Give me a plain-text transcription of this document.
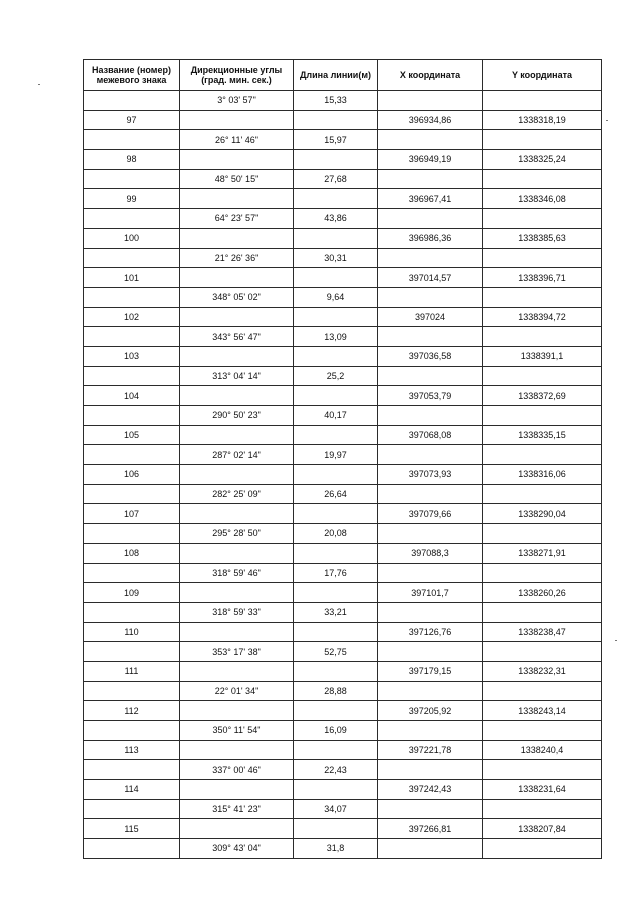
Название (номер) межевого знака	Дирекционные углы (град. мин. сек.)	Длина линии(м)	X координата	Y координата
	3° 03' 57"	15,33		
97			396934,86	1338318,19
	26° 11' 46"	15,97		
98			396949,19	1338325,24
	48° 50' 15"	27,68		
99			396967,41	1338346,08
	64° 23' 57"	43,86		
100			396986,36	1338385,63
	21° 26' 36"	30,31		
101			397014,57	1338396,71
	348° 05' 02"	9,64		
102			397024	1338394,72
	343° 56' 47"	13,09		
103			397036,58	1338391,1
	313° 04' 14"	25,2		
104			397053,79	1338372,69
	290° 50' 23"	40,17		
105			397068,08	1338335,15
	287° 02' 14"	19,97		
106			397073,93	1338316,06
	282° 25' 09"	26,64		
107			397079,66	1338290,04
	295° 28' 50"	20,08		
108			397088,3	1338271,91
	318° 59' 46"	17,76		
109			397101,7	1338260,26
	318° 59' 33"	33,21		
110			397126,76	1338238,47
	353° 17' 38"	52,75		
111			397179,15	1338232,31
	22° 01' 34"	28,88		
112			397205,92	1338243,14
	350° 11' 54"	16,09		
113			397221,78	1338240,4
	337° 00' 46"	22,43		
114			397242,43	1338231,64
	315° 41' 23"	34,07		
115			397266,81	1338207,84
	309° 43' 04"	31,8		
